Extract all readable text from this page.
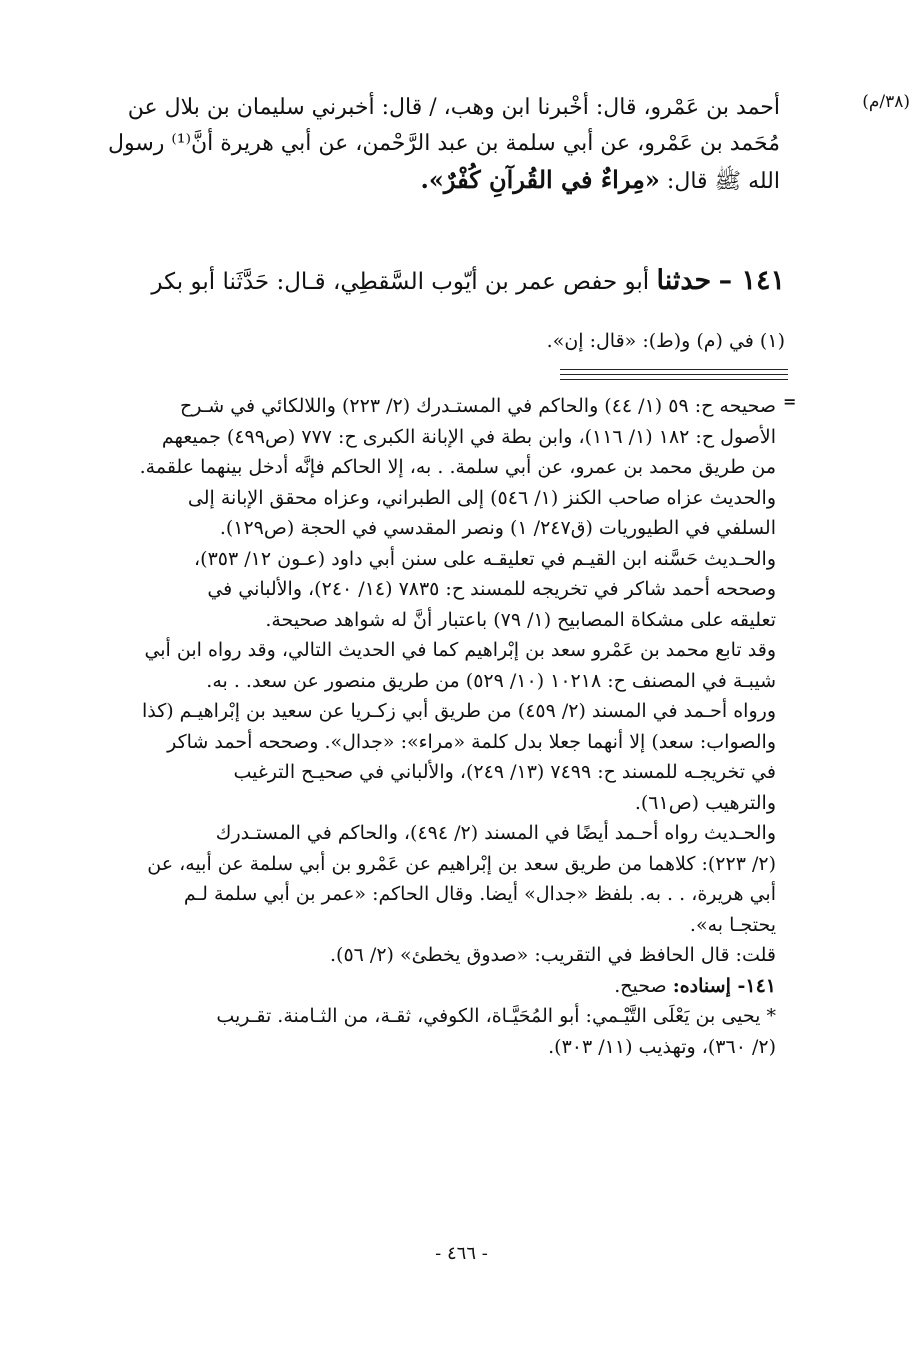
(٣٨/م)

أحمد بن عَمْرو، قال: أخْبرنا ابن وهب، / قال: أخبرني سليمان بن بلال عن

مُحَمد بن عَمْرو، عن أبي سلمة بن عبد الرَّحْمن، عن أبي هريرة أنَّ⁽¹⁾ رسول

الله ﷺ قال: «مِراءٌ في القُرآنِ كُفْرٌ».

١٤١ – حدثنا أبو حفص عمر بن أيّوب السَّقطِي، قـال: حَدَّثَنا أبو بكر
(١) في (م) و(ط): «قال: إن».
=

صحيحه ح: ٥٩ (١/ ٤٤) والحاكم في المستـدرك (٢/ ٢٢٣) واللالكائي في شـرح

الأصول ح: ١٨٢ (١/ ١١٦)، وابن بطة في الإبانة الكبرى ح: ٧٧٧ (ص٤٩٩) جميعهم

من طريق محمد بن عمرو، عن أبي سلمة. . به، إلا الحاكم فإنَّه أدخل بينهما علقمة.

والحديث عزاه صاحب الكنز (١/ ٥٤٦) إلى الطبراني، وعزاه محقق الإبانة إلى

السلفي في الطيوريات (ق٢٤٧/ ١) ونصر المقدسي في الحجة (ص١٢٩).

والحـديث حَسَّنه ابن القيـم في تعليقـه على سنن أبي داود (عـون ١٢/ ٣٥٣)،

وصححه أحمد شاكر في تخريجه للمسند ح: ٧٨٣٥ (١٤/ ٢٤٠)، والألباني في

تعليقه على مشكاة المصابيح (١/ ٧٩) باعتبار أنَّ له شواهد صحيحة.

وقد تابع محمد بن عَمْرو سعد بن إبْراهيم كما في الحديث التالي، وقد رواه ابن أبي

شيبـة في المصنف ح: ١٠٢١٨ (١٠/ ٥٢٩) من طريق منصور عن سعد. . به.

ورواه أحـمد في المسند (٢/ ٤٥٩) من طريق أبي زكـريا عن سعيد بن إبْراهيـم (كذا

والصواب: سعد) إلا أنهما جعلا بدل كلمة «مراء»: «جدال». وصححه أحمد شاكر

في تخريجـه للمسند ح: ٧٤٩٩ (١٣/ ٢٤٩)، والألباني في صحيـح الترغيب

والترهيب (ص٦١).

والحـديث رواه أحـمد أيضًا في المسند (٢/ ٤٩٤)، والحاكم في المستـدرك

(٢/ ٢٢٣): كلاهما من طريق سعد بن إبْراهيم عن عَمْرو بن أبي سلمة عن أبيه، عن

أبي هريرة، . . به. بلفظ «جدال» أيضا. وقال الحاكم: «عمر بن أبي سلمة لـم

يحتجـا به».

قلت: قال الحافظ في التقريب: «صدوق يخطئ» (٢/ ٥٦).

١٤١- إسناده: صحيح.

* يحيى بن يَعْلَى التَّيْـمي: أبو المُحَيَّـاة، الكوفي، ثقـة، من الثـامنة. تقـريب

(٢/ ٣٦٠)، وتهذيب (١١/ ٣٠٣).

- ٤٦٦ -
